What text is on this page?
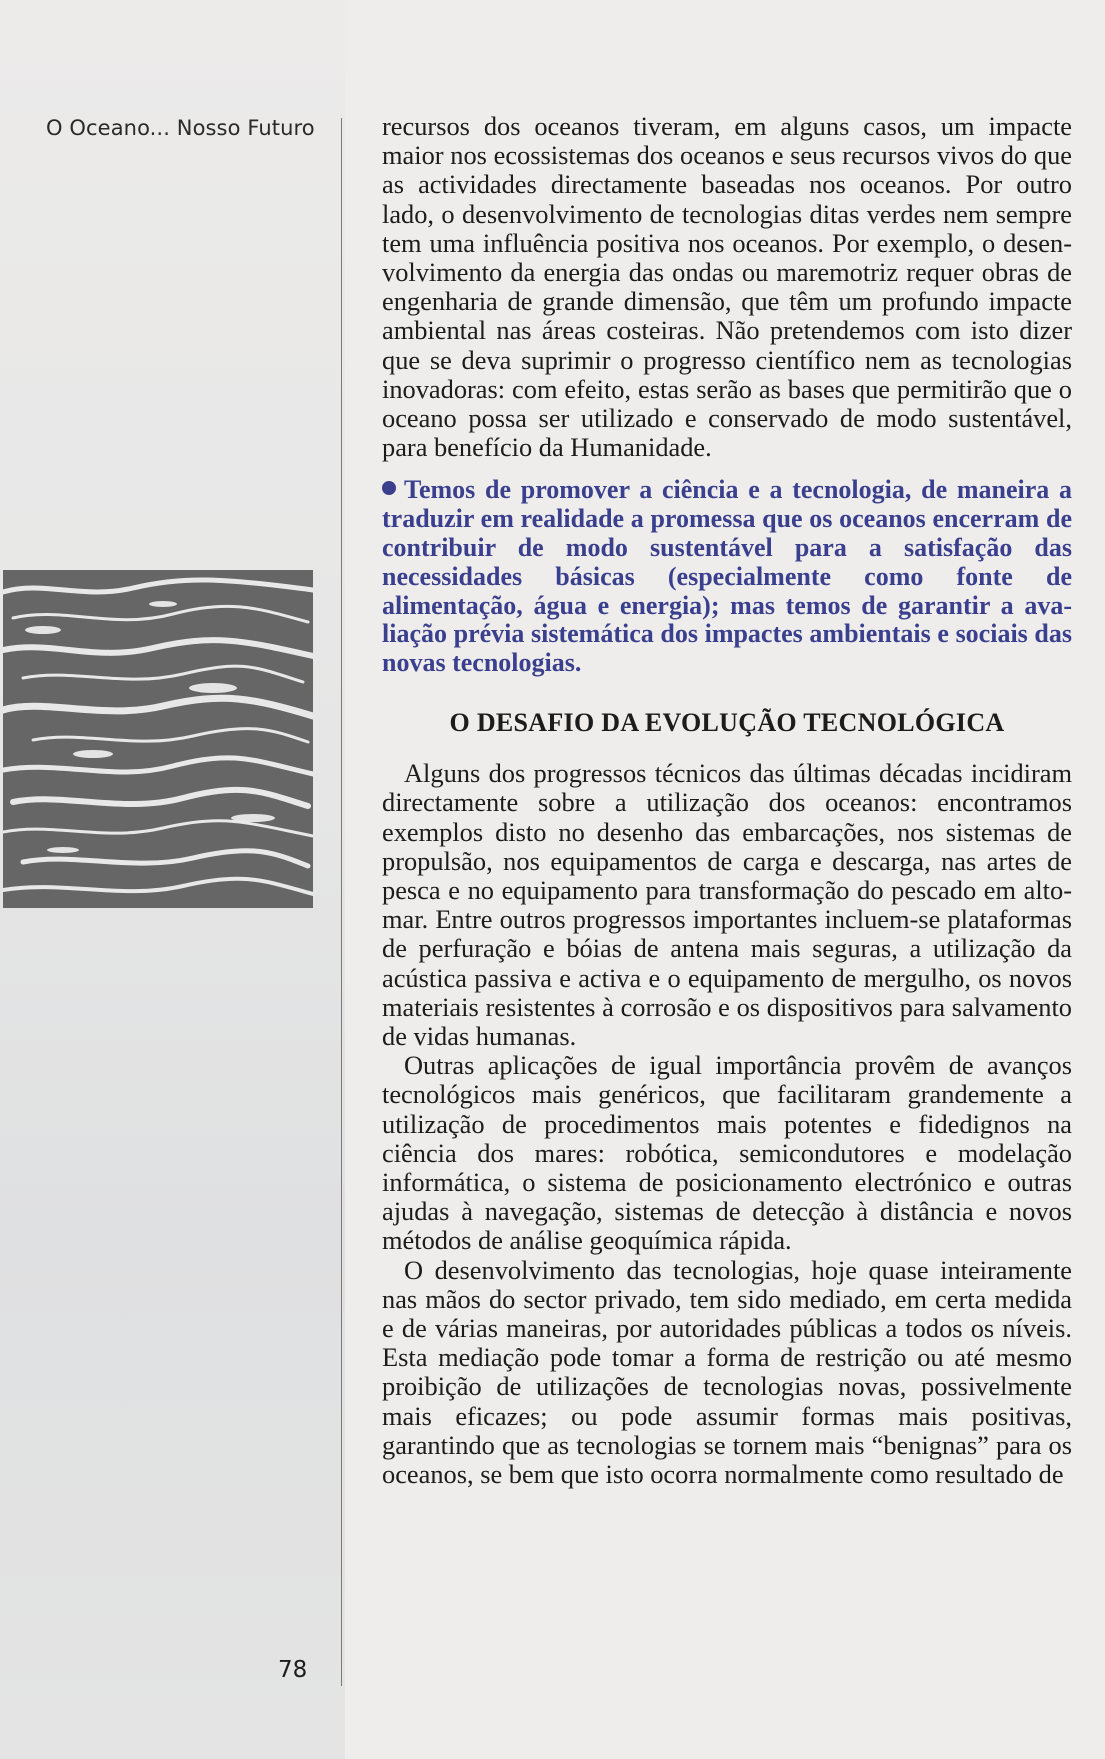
O Oceano... Nosso Futuro
78

recursos dos oceanos tiveram, em alguns casos, um impacte maior nos ecossistemas dos oceanos e seus recursos vivos do que as actividades directamente baseadas nos oceanos. Por outro lado, o desenvolvimento de tecnologias ditas verdes nem sempre tem uma influência positiva nos oceanos. Por exemplo, o desenvolvimento da energia das ondas ou maremotriz requer obras de engenharia de grande dimensão, que têm um profundo impacte ambiental nas áreas costeiras. Não pretendemos com isto dizer que se deva suprimir o progresso científico nem as tecnologias inovadoras: com efeito, estas serão as bases que permitirão que o oceano possa ser utilizado e conservado de modo sustentável, para benefício da Humanidade.

Temos de promover a ciência e a tecnologia, de maneira a traduzir em realidade a promessa que os oceanos encerram de contribuir de modo sustentável para a satisfação das necessidades básicas (especialmente como fonte de alimentação, água e energia); mas temos de garantir a avaliação prévia sistemática dos impactes ambientais e sociais das novas tecnologias.

O DESAFIO DA EVOLUÇÃO TECNOLÓGICA

Alguns dos progressos técnicos das últimas décadas incidiram directamente sobre a utilização dos oceanos: encontramos exemplos disto no desenho das embarcações, nos sistemas de propulsão, nos equipamentos de carga e descarga, nas artes de pesca e no equipamento para transformação do pescado em alto-mar. Entre outros progressos importantes incluem-se plataformas de perfuração e bóias de antena mais seguras, a utilização da acústica passiva e activa e o equipamento de mergulho, os novos materiais resistentes à corrosão e os dispositivos para salvamento de vidas humanas.

Outras aplicações de igual importância provêm de avanços tecnológicos mais genéricos, que facilitaram grandemente a utilização de procedimentos mais potentes e fidedignos na ciência dos mares: robótica, semicondutores e modelação informática, o sistema de posicionamento electrónico e outras ajudas à navegação, sistemas de detecção à distância e novos métodos de análise geoquímica rápida.

O desenvolvimento das tecnologias, hoje quase inteiramente nas mãos do sector privado, tem sido mediado, em certa medida e de várias maneiras, por autoridades públicas a todos os níveis. Esta mediação pode tomar a forma de restrição ou até mesmo proibição de utilizações de tecnologias novas, possivelmente mais eficazes; ou pode assumir formas mais positivas, garantindo que as tecnologias se tornem mais “benignas” para os oceanos, se bem que isto ocorra normalmente como resultado de
